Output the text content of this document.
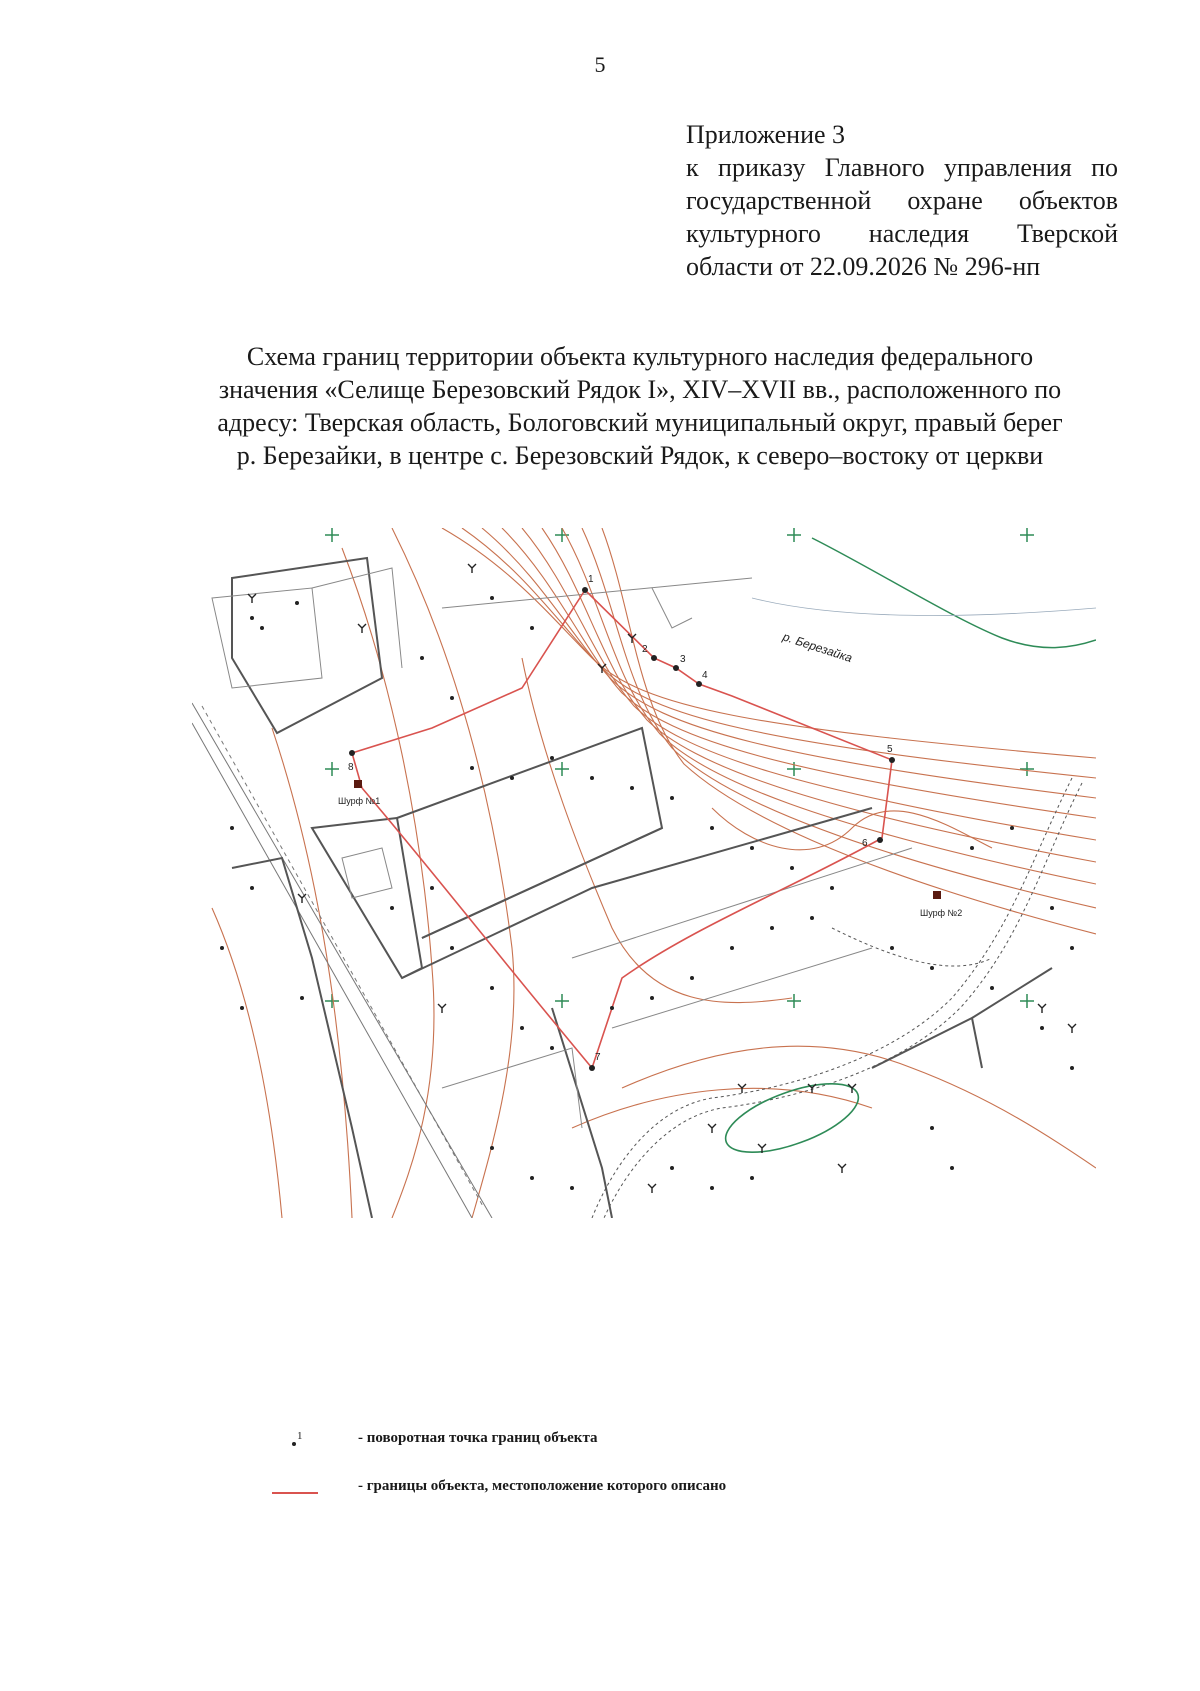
5
Приложение 3
к приказу Главного управления по
государственной охране объектов
культурного наследия Тверской
области от 22.09.2026 № 296-нп
Схема границ территории объекта культурного наследия федерального
значения «Селище Березовский Рядок I», XIV–XVII вв., расположенного по
адресу: Тверская область, Бологовский муниципальный округ, правый берег
р. Березайки, в центре с. Березовский Рядок, к северо–востоку от церкви
р. Березайка
1
2
3
4
5
6
7
8
Шурф №1
Шурф №2
1	- поворотная точка границ объекта
- границы объекта, местоположение которого описано
